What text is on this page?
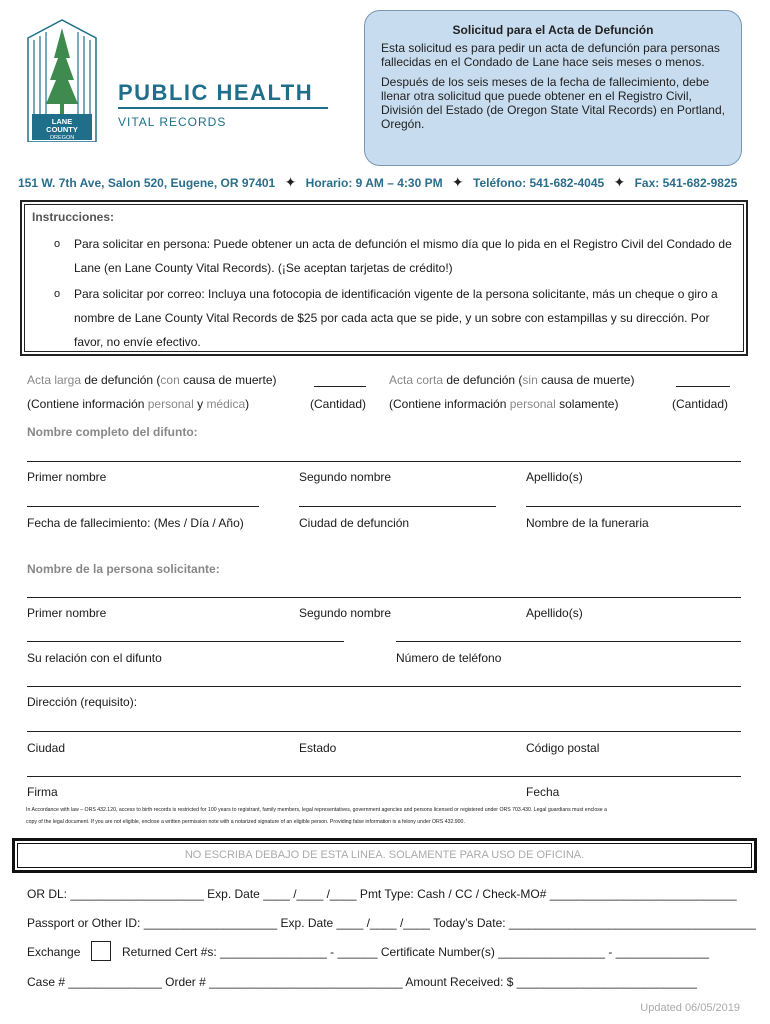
LANE
COUNTY
OREGON
PUBLIC HEALTH
VITAL RECORDS
Solicitud para el Acta de Defunción

Esta solicitud es para pedir un acta de defunción para personas fallecidas en el Condado de Lane hace seis meses o menos.

Después de los seis meses de la fecha de fallecimiento, debe llenar otra solicitud que puede obtener en el Registro Civil, División del Estado (de Oregon State Vital Records) en Portland, Oregón.

151 W. 7th Ave, Salon 520, Eugene, OR 97401 ✦ Horario: 9 AM – 4:30 PM ✦ Teléfono: 541-682-4045 ✦ Fax: 541-682-9825
Instrucciones:
o Para solicitar en persona: Puede obtener un acta de defunción el mismo día que lo pida en el Registro Civil del Condado de Lane (en Lane County Vital Records). (¡Se aceptan tarjetas de crédito!)
o Para solicitar por correo: Incluya una fotocopia de identificación vigente de la persona solicitante, más un cheque o giro a nombre de Lane County Vital Records de $25 por cada acta que se pide, y un sobre con estampillas y su dirección. Por favor, no envíe efectivo.
Acta larga de defunción (con causa de muerte)
(Contiene información personal y médica)	(Cantidad)
Acta corta de defunción (sin causa de muerte)
(Contiene información personal solamente)	(Cantidad)
Nombre completo del difunto:
Primer nombre	Segundo nombre	Apellido(s)
Fecha de fallecimiento: (Mes / Día / Año)	Ciudad de defunción	Nombre de la funeraria
Nombre de la persona solicitante:
Primer nombre	Segundo nombre	Apellido(s)
Su relación con el difunto	Número de teléfono
Dirección (requisito):
Ciudad	Estado	Código postal
Firma	Fecha
In Accordance with law – ORS 432.120, access to birth records is restricted for 100 years to registrant, family members, legal representatives, government agencies and persons licensed or registered under ORS 703.430. Legal guardians must enclose a
copy of the legal document. If you are not eligible, enclose a written permission note with a notarized signature of an eligible person. Providing false information is a felony under ORS 432.900.
NO ESCRIBA DEBAJO DE ESTA LINEA. SOLAMENTE PARA USO DE OFICINA.
OR DL: ____________________ Exp. Date ____ /____ /____ Pmt Type: Cash / CC / Check-MO# ____________________________
Passport or Other ID: ____________________ Exp. Date ____ /____ /____ Today’s Date: _____________________________________
Exchange	Returned Cert #s: ________________ - ______ Certificate Number(s) ________________ - ______________
Case # ______________ Order # _____________________________ Amount Received: $ ___________________________
Updated 06/05/2019
